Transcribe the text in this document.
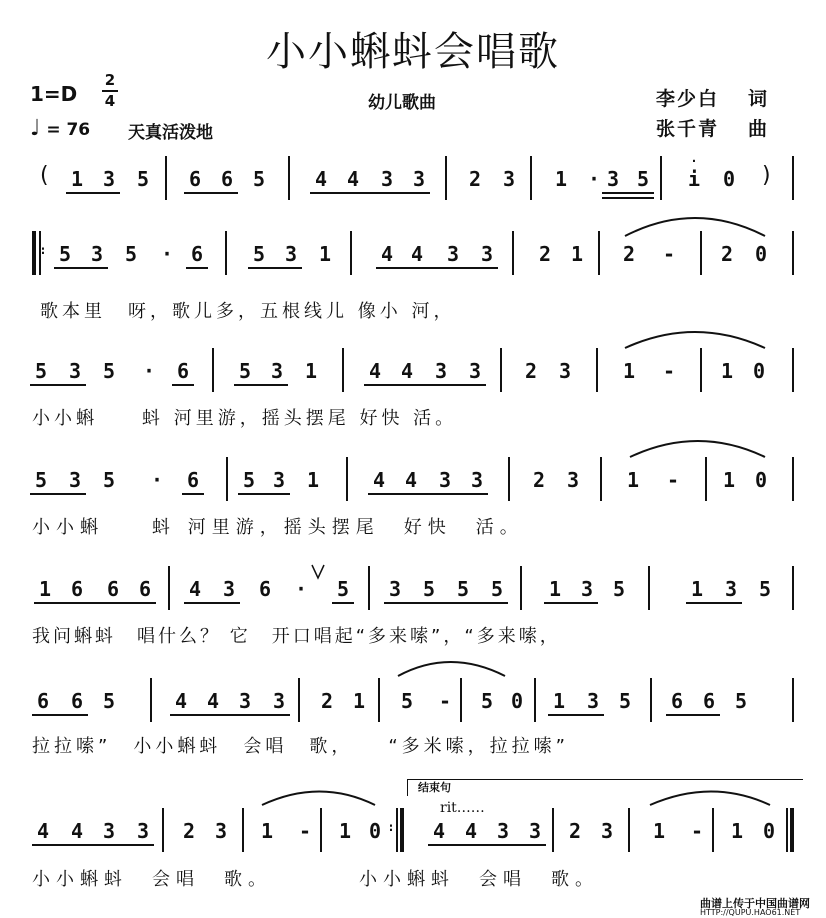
小小蝌蚪会唱歌
1=D
2
4
♩ = 76 天真活泼地
幼儿歌曲	李少白 词
张千青 曲
(	)
1 3 5 6 6 5 4 4 3 3 2 3 1 · 3 5 i 0
: 5 3 5 · 6 5 3 1 4 4 3 3 2 1 2 - 2 0
5 3 5 · 6 5 3 1	4 4 3 3 2 3	1 - 1 0
5 3 5 · 6 5 3 1	4 4 3 3 2 3 1 - 1 0
1 6 6 6 4 3 6 · 5 3 5 5 5 1 3 5	1 3 5
6 6 5	4 4 3 3 2 1 5 - 5 0 1 3 5 6 6 5
4 4 3 3 2 3 1 - 1 0 : 4 4 3 3 2 3 1 - 1 0
·
歌本里　呀，歌儿多，五根线儿 像小 河，
小小蝌　　蚪 河里游，摇头摆尾 好快 活。
小小蝌　　蚪 河里游，摇头摆尾　好快　活。
我问蝌蚪　唱什么？ 它　开口唱起“多来嗦”，“多来嗦，
拉拉嗦”　小小蝌蚪　会唱　歌，　　“多米嗦，拉拉嗦”
小小蝌蚪　会唱　歌。　　　　小小蝌蚪　会唱　歌。
结束句
rit……
曲谱上传于中国曲谱网
HTTP://QUPU.HAO61.NET
